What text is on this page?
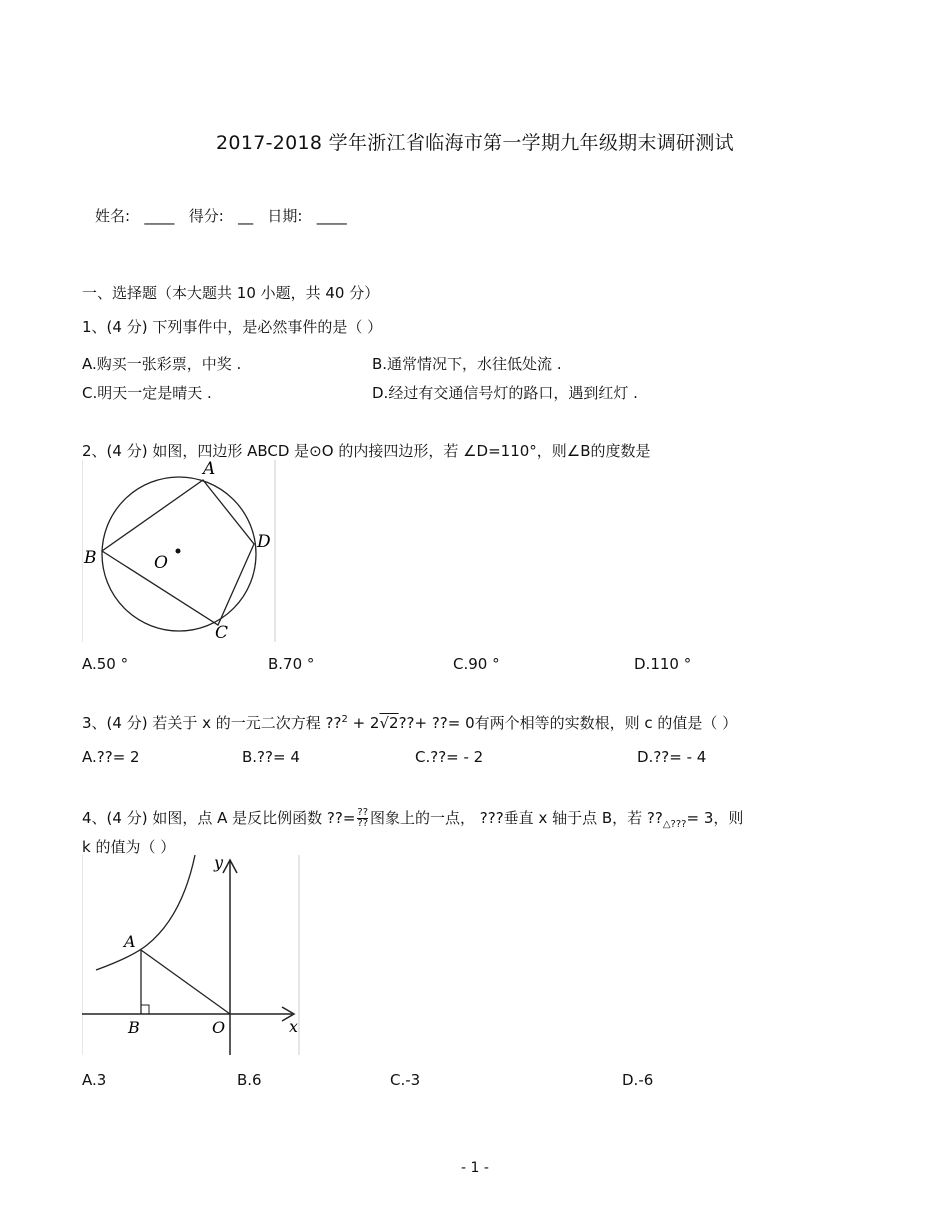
2017-2018 学年浙江省临海市第一学期九年级期末调研测试
姓名: ____ 得分: __ 日期: ____
一、选择题（本大题共 10 小题，共 40 分）
1、(4 分) 下列事件中，是必然事件的是（ ）
A.购买一张彩票，中奖 .	B.通常情况下，水往低处流 .
C.明天一定是晴天 .	D.经过有交通信号灯的路口，遇到红灯 .
2、(4 分) 如图，四边形 ABCD 是⊙O 的内接四边形，若 ∠D=110°，则∠B的度数是
A
B
C
D
O
A.50 °	B.70 °	C.90 °	D.110 °
3、(4 分) 若关于 x 的一元二次方程 ??$^2$ + 2√2??+ ??= 0有两个相等的实数根，则 c 的值是（ ）
A.??= 2	B.??= 4	C.??= - 2	D.??= - 4
4、(4 分) 如图，点 A 是反比例函数 ??= $\frac{??}{??}$ 图象上的一点， ???垂直 x 轴于点 B，若 $??_{\triangle???}= 3$，则
k 的值为（ ）
A
B	O	x
y
A.3	B.6	C.-3	D.-6
- 1 -
